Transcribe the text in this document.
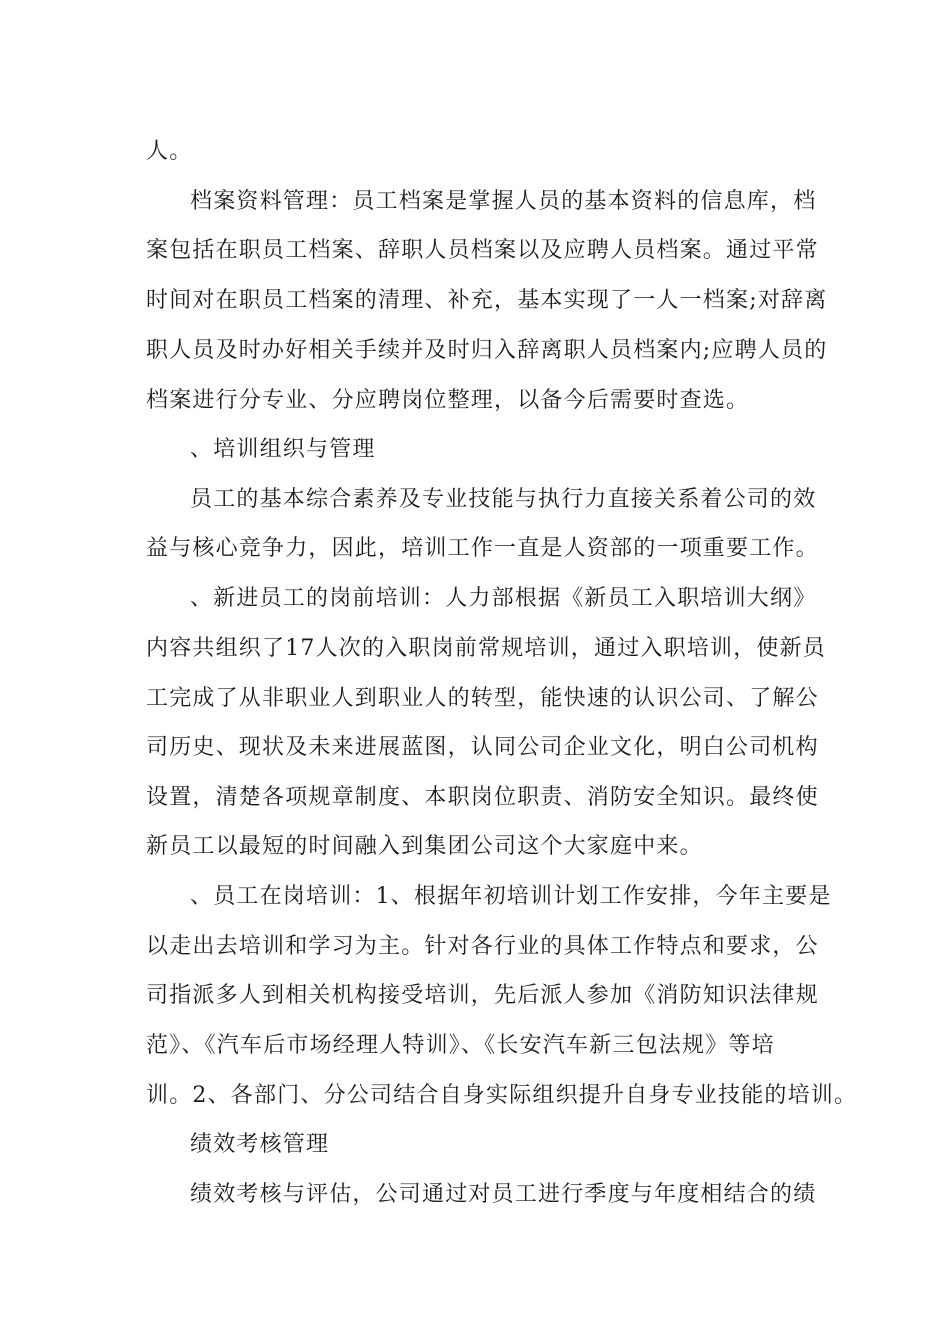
人。
档案资料管理：员工档案是掌握人员的基本资料的信息库，档
案包括在职员工档案、辞职人员档案以及应聘人员档案。通过平常
时间对在职员工档案的清理、补充，基本实现了一人一档案;对辞离
职人员及时办好相关手续并及时归入辞离职人员档案内;应聘人员的
档案进行分专业、分应聘岗位整理，以备今后需要时查选。
、培训组织与管理
员工的基本综合素养及专业技能与执行力直接关系着公司的效
益与核心竞争力，因此，培训工作一直是人资部的一项重要工作。
、新进员工的岗前培训：人力部根据《新员工入职培训大纲》
内容共组织了17人次的入职岗前常规培训，通过入职培训，使新员
工完成了从非职业人到职业人的转型，能快速的认识公司、了解公
司历史、现状及未来进展蓝图，认同公司企业文化，明白公司机构
设置，清楚各项规章制度、本职岗位职责、消防安全知识。最终使
新员工以最短的时间融入到集团公司这个大家庭中来。
、员工在岗培训：1、根据年初培训计划工作安排，今年主要是
以走出去培训和学习为主。针对各行业的具体工作特点和要求，公
司指派多人到相关机构接受培训，先后派人参加《消防知识法律规
范》、《汽车后市场经理人特训》、《长安汽车新三包法规》等培
训。2、各部门、分公司结合自身实际组织提升自身专业技能的培训。
绩效考核管理
绩效考核与评估，公司通过对员工进行季度与年度相结合的绩
